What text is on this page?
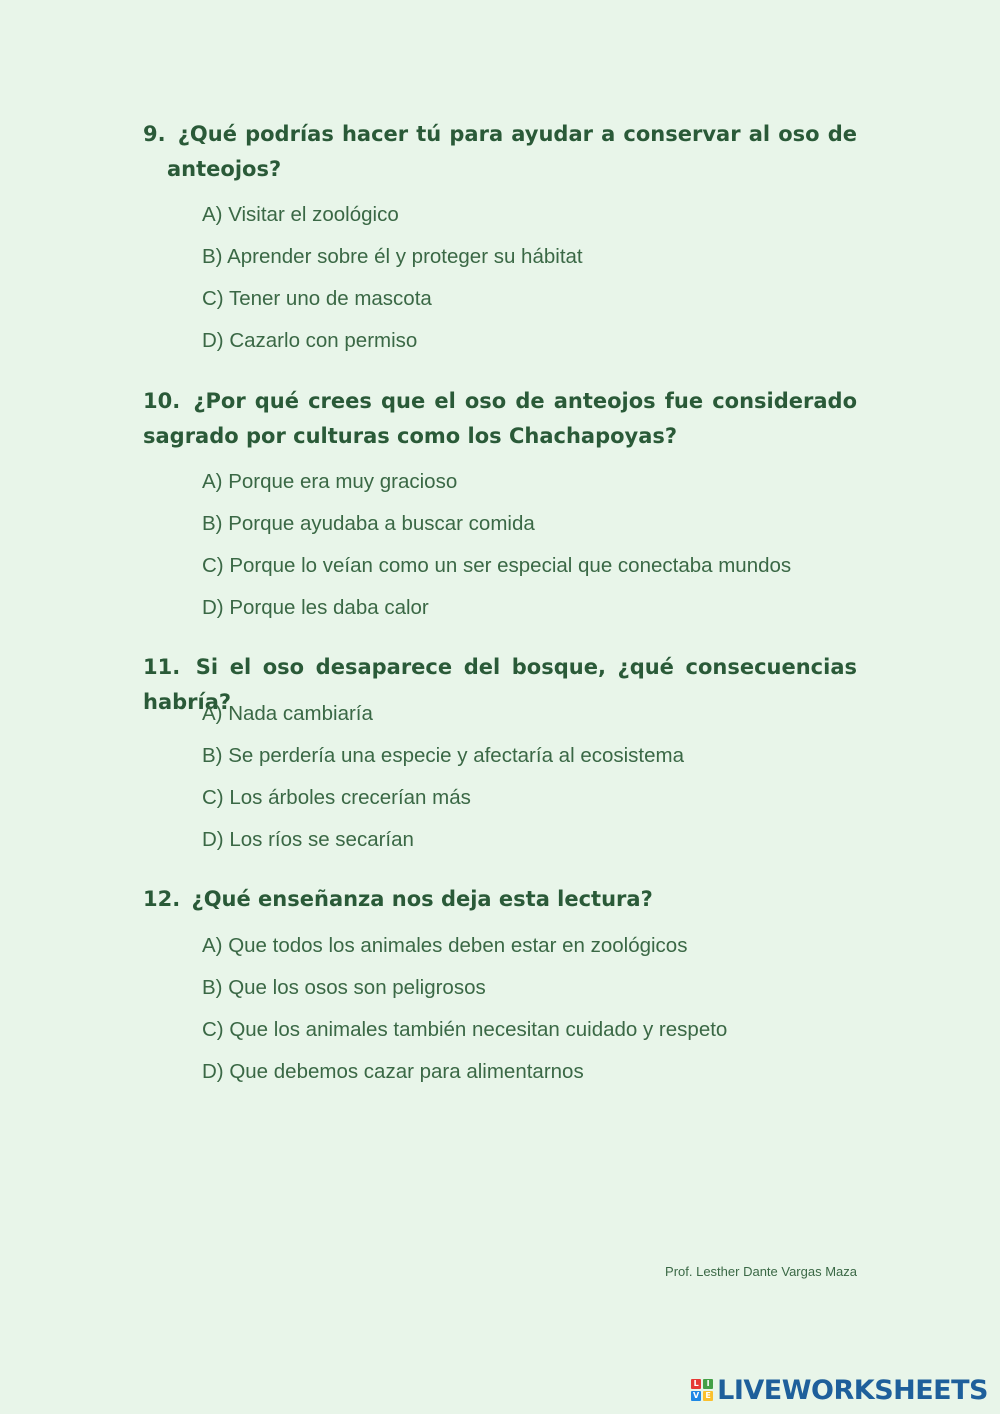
9. ¿Qué podrías hacer tú para ayudar a conservar al oso de anteojos?

A) Visitar el zoológico
B) Aprender sobre él y proteger su hábitat
C) Tener uno de mascota
D) Cazarlo con permiso

10. ¿Por qué crees que el oso de anteojos fue considerado sagrado por culturas como los Chachapoyas?

A) Porque era muy gracioso
B) Porque ayudaba a buscar comida
C) Porque lo veían como un ser especial que conectaba mundos
D) Porque les daba calor

11. Si el oso desaparece del bosque, ¿qué consecuencias habría?

A) Nada cambiaría
B) Se perdería una especie y afectaría al ecosistema
C) Los árboles crecerían más
D) Los ríos se secarían

12. ¿Qué enseñanza nos deja esta lectura?

A) Que todos los animales deben estar en zoológicos
B) Que los osos son peligrosos
C) Que los animales también necesitan cuidado y respeto
D) Que debemos cazar para alimentarnos
Prof. Lesther Dante Vargas Maza
L I
V E LIVEWORKSHEETS
